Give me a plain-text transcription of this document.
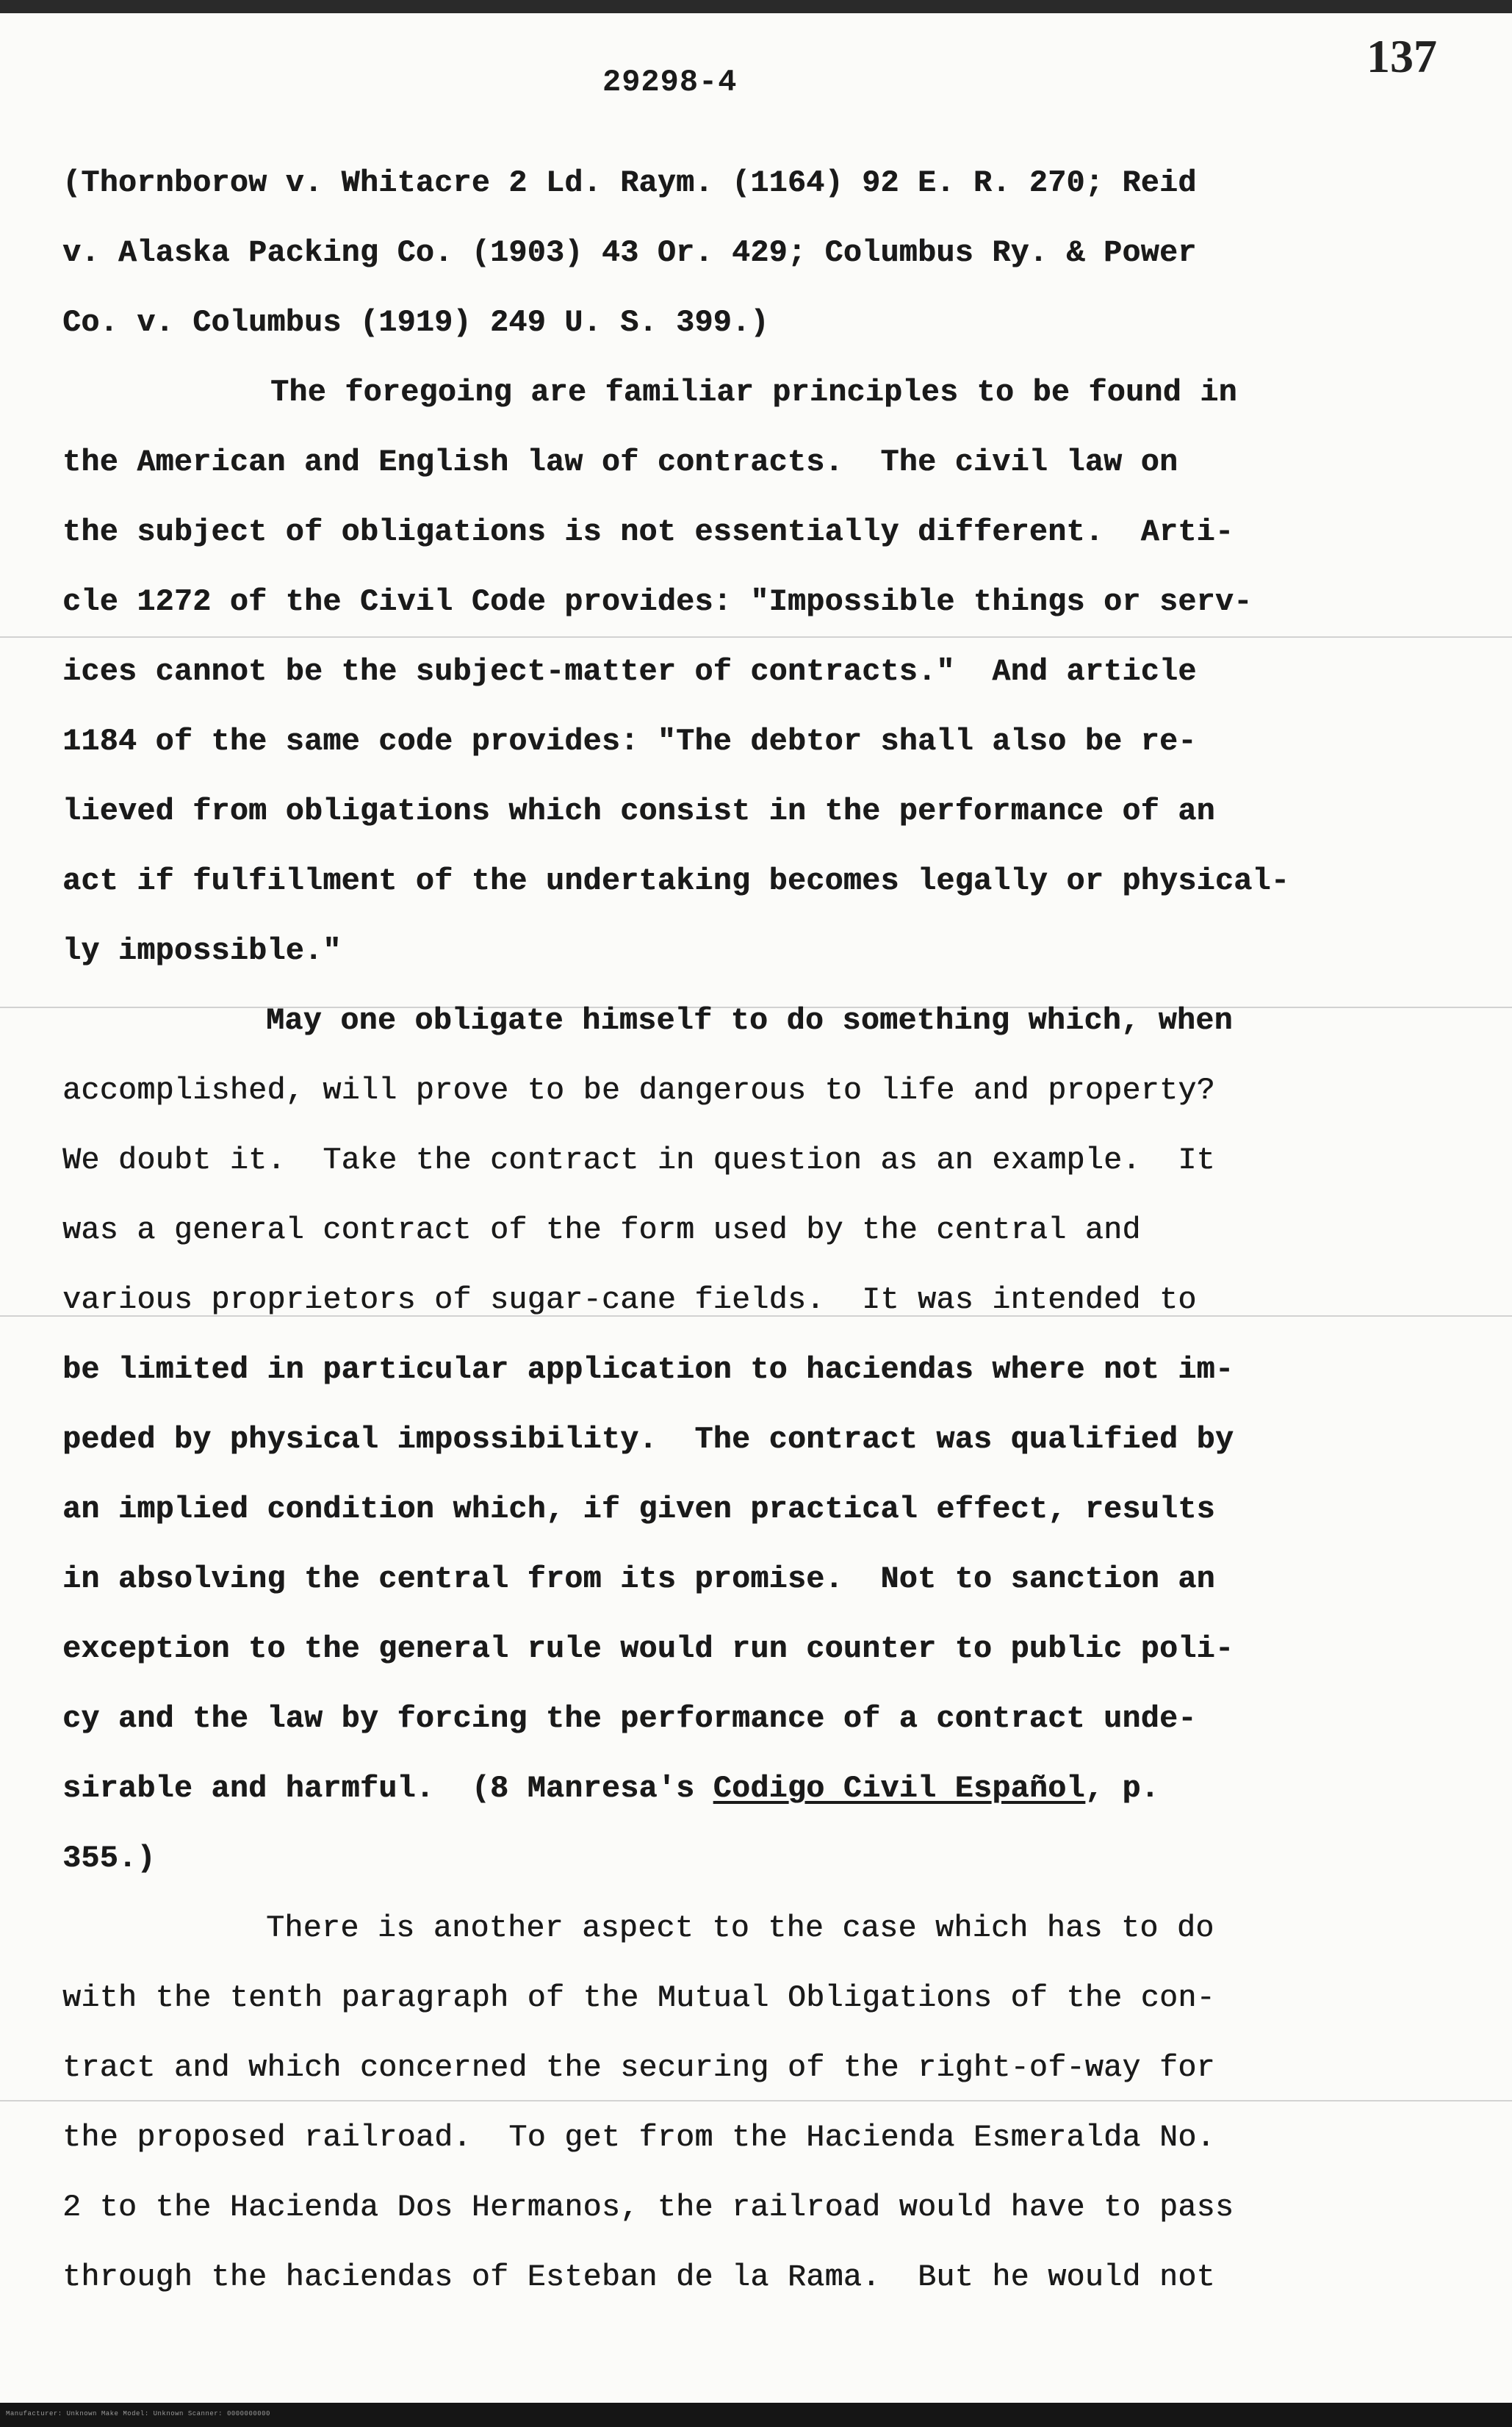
137
29298-4
(Thornborow v. Whitacre 2 Ld. Raym. (1164) 92 E. R. 270; Reid
v. Alaska Packing Co. (1903) 43 Or. 429; Columbus Ry. & Power
Co. v. Columbus (1919) 249 U. S. 399.)
The foregoing are familiar principles to be found in
the American and English law of contracts.  The civil law on
the subject of obligations is not essentially different.  Arti-
cle 1272 of the Civil Code provides: "Impossible things or serv-
ices cannot be the subject-matter of contracts."  And article
1184 of the same code provides: "The debtor shall also be re-
lieved from obligations which consist in the performance of an
act if fulfillment of the undertaking becomes legally or physical-
ly impossible."
May one obligate himself to do something which, when
accomplished, will prove to be dangerous to life and property?
We doubt it.  Take the contract in question as an example.  It
was a general contract of the form used by the central and
various proprietors of sugar-cane fields.  It was intended to
be limited in particular application to haciendas where not im-
peded by physical impossibility.  The contract was qualified by
an implied condition which, if given practical effect, results
in absolving the central from its promise.  Not to sanction an
exception to the general rule would run counter to public poli-
cy and the law by forcing the performance of a contract unde-
sirable and harmful.  (8 Manresa's Codigo Civil Español, p.
355.)
There is another aspect to the case which has to do
with the tenth paragraph of the Mutual Obligations of the con-
tract and which concerned the securing of the right-of-way for
the proposed railroad.  To get from the Hacienda Esmeralda No.
2 to the Hacienda Dos Hermanos, the railroad would have to pass
through the haciendas of Esteban de la Rama.  But he would not
Manufacturer: Unknown Make Model: Unknown Scanner: 0000000000
